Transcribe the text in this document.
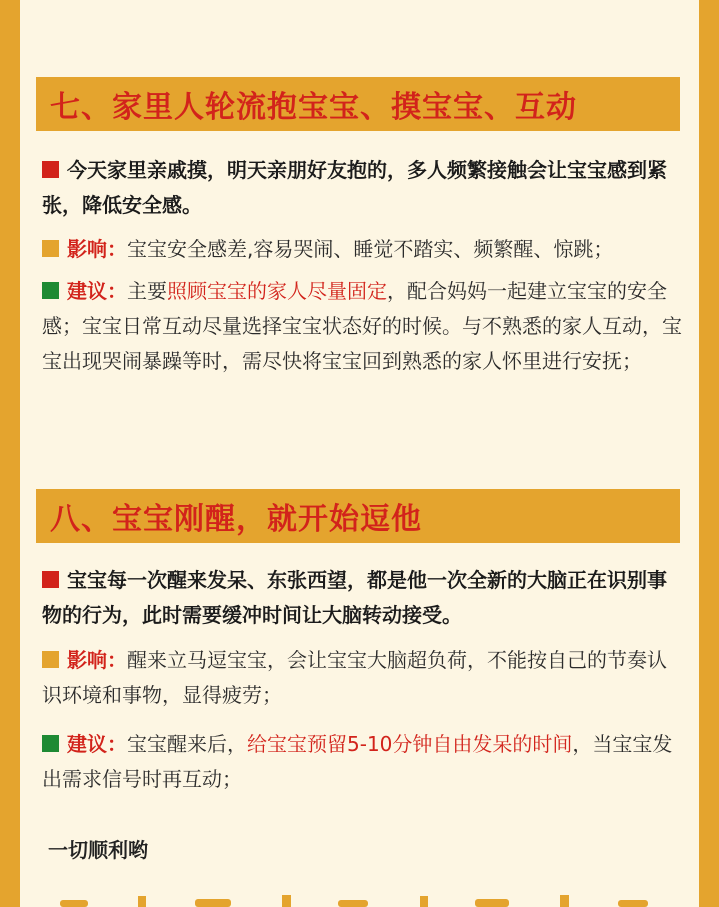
七、家里人轮流抱宝宝、摸宝宝、互动
今天家里亲戚摸，明天亲朋好友抱的，多人频繁接触会让宝宝感到紧张，降低安全感。
影响：宝宝安全感差,容易哭闹、睡觉不踏实、频繁醒、惊跳；
建议：主要照顾宝宝的家人尽量固定，配合妈妈一起建立宝宝的安全感；宝宝日常互动尽量选择宝宝状态好的时候。与不熟悉的家人互动，宝宝出现哭闹暴躁等时，需尽快将宝宝回到熟悉的家人怀里进行安抚；
八、宝宝刚醒，就开始逗他
宝宝每一次醒来发呆、东张西望，都是他一次全新的大脑正在识别事物的行为，此时需要缓冲时间让大脑转动接受。
影响：醒来立马逗宝宝，会让宝宝大脑超负荷，不能按自己的节奏认识环境和事物，显得疲劳；
建议：宝宝醒来后，给宝宝预留5-10分钟自由发呆的时间，当宝宝发出需求信号时再互动；
一切顺利哟
